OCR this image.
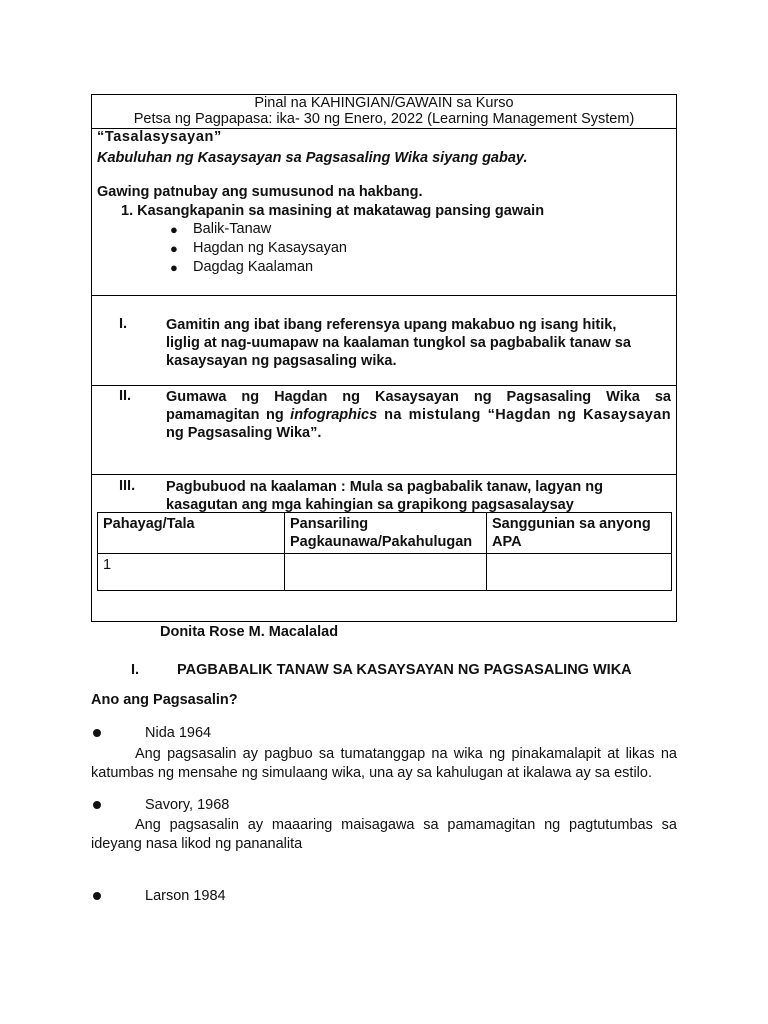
Pinal na KAHINGIAN/GAWAIN sa Kurso
Petsa ng Pagpapasa: ika- 30 ng Enero, 2022 (Learning Management System)
“Tasalasysayan”
Kabuluhan ng Kasaysayan sa Pagsasaling Wika siyang gabay.
Gawing patnubay ang sumusunod na hakbang.
1. Kasangkapanin sa masining at makatawag pansing gawain
● Balik-Tanaw
● Hagdan ng Kasaysayan
● Dagdag Kaalaman
I.	Gamitin ang ibat ibang referensya upang makabuo ng isang hitik,
liglig at nag-uumapaw na kaalaman tungkol sa pagbabalik tanaw sa
kasaysayan ng pagsasaling wika.
II. Gumawa ng Hagdan ng Kasaysayan ng Pagsasaling Wika sa
pamamagitan ng infographics na mistulang “Hagdan ng Kasaysayan
ng Pagsasaling Wika”.
III. Pagbubuod na kaalaman : Mula sa pagbabalik tanaw, lagyan ng
kasagutan ang mga kahingian sa grapikong pagsasalaysay
Pahayag/Tala	Pansariling Pagkaunawa/Pakahulugan	Sanggunian sa anyong APA
1		
Donita Rose M. Macalalad
I.	PAGBABALIK TANAW SA KASAYSAYAN NG PAGSASALING WIKA
Ano ang Pagsasalin?
Nida 1964
Ang pagsasalin ay pagbuo sa tumatanggap na wika ng pinakamalapit at likas na
katumbas ng mensahe ng simulaang wika, una ay sa kahulugan at ikalawa ay sa estilo.
Savory, 1968
Ang pagsasalin ay maaaring maisagawa sa pamamagitan ng pagtutumbas sa
ideyang nasa likod ng pananalita
Larson 1984
